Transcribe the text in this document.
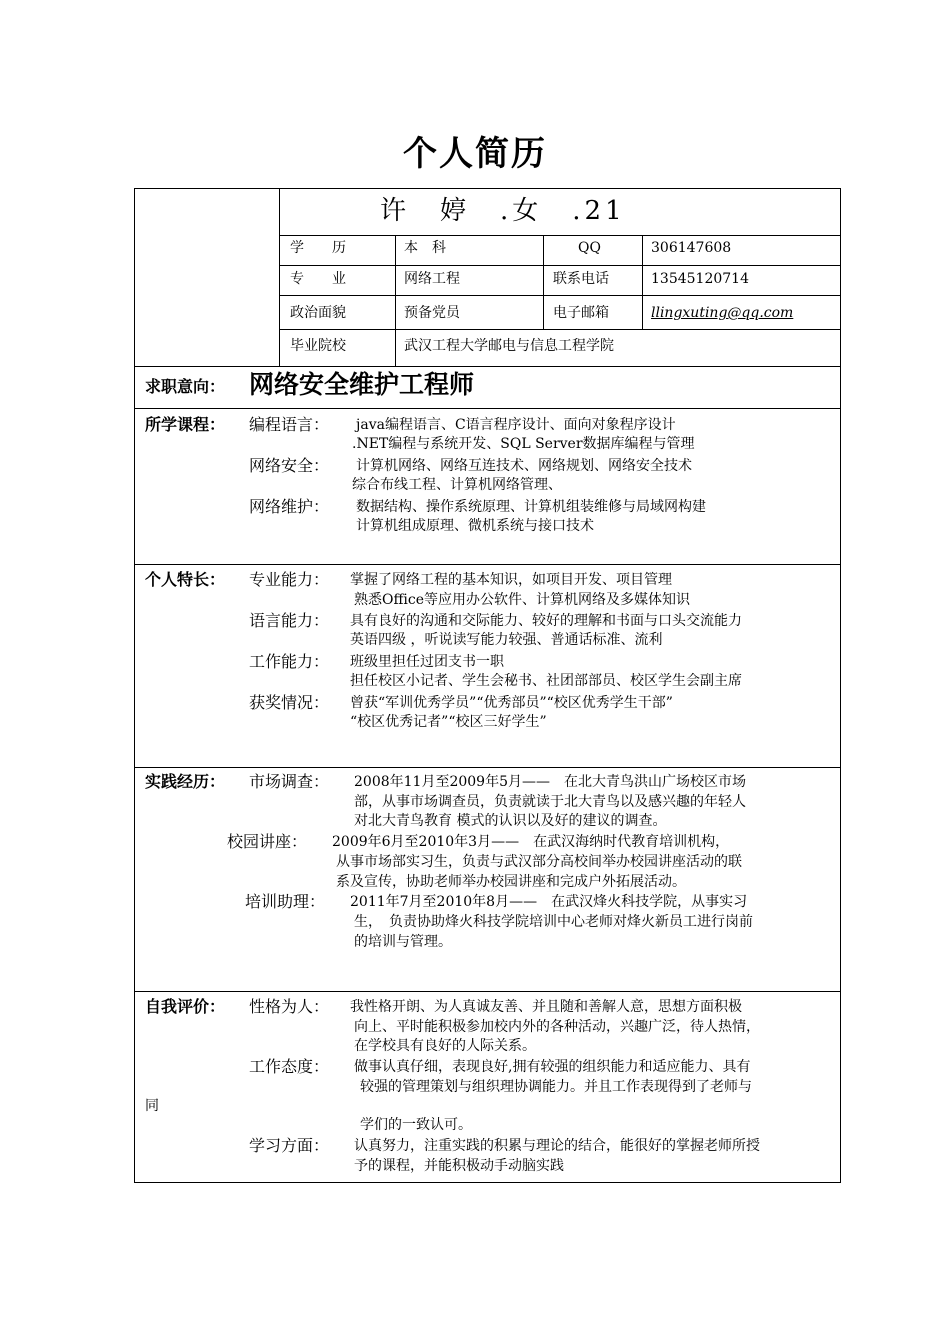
个人简历
许　婷　.女　.21
学　　历	本　科	QQ	306147608
专　　业	网络工程	联系电话	13545120714
政治面貌	预备党员	电子邮箱	llingxuting@qq.com
毕业院校	武汉工程大学邮电与信息工程学院
求职意向： 网络安全维护工程师
所学课程： 编程语言： java编程语言、C语言程序设计、面向对象程序设计
.NET编程与系统开发、SQL Server数据库编程与管理
网络安全： 计算机网络、网络互连技术、网络规划、网络安全技术
综合布线工程、计算机网络管理、
网络维护： 数据结构、操作系统原理、计算机组装维修与局域网构建
计算机组成原理、微机系统与接口技术
个人特长： 专业能力： 掌握了网络工程的基本知识，如项目开发、项目管理
熟悉Office等应用办公软件、计算机网络及多媒体知识
语言能力： 具有良好的沟通和交际能力、较好的理解和书面与口头交流能力
英语四级 ，听说读写能力较强、普通话标准、流利
工作能力： 班级里担任过团支书一职
担任校区小记者、学生会秘书、社团部部员、校区学生会副主席
获奖情况： 曾获“军训优秀学员”“优秀部员”“校区优秀学生干部”
“校区优秀记者”“校区三好学生”
实践经历： 市场调查： 2008年11月至2009年5月——　在北大青鸟洪山广场校区市场
部，从事市场调查员，负责就读于北大青鸟以及感兴趣的年轻人
对北大青鸟教育 模式的认识以及好的建议的调查。
校园讲座： 2009年6月至2010年3月——　在武汉海纳时代教育培训机构，
从事市场部实习生，负责与武汉部分高校间举办校园讲座活动的联
系及宣传，协助老师举办校园讲座和完成户外拓展活动。
培训助理： 2011年7月至2010年8月——　在武汉烽火科技学院，从事实习
生，　负责协助烽火科技学院培训中心老师对烽火新员工进行岗前
的培训与管理。
自我评价： 性格为人： 我性格开朗、为人真诚友善、并且随和善解人意，思想方面积极
向上、平时能积极参加校内外的各种活动，兴趣广泛，待人热情，
在学校具有良好的人际关系。
工作态度： 做事认真仔细，表现良好,拥有较强的组织能力和适应能力、具有
较强的管理策划与组织理协调能力。并且工作表现得到了老师与
同
学们的一致认可。
学习方面： 认真努力，注重实践的积累与理论的结合，能很好的掌握老师所授
予的课程，并能积极动手动脑实践
